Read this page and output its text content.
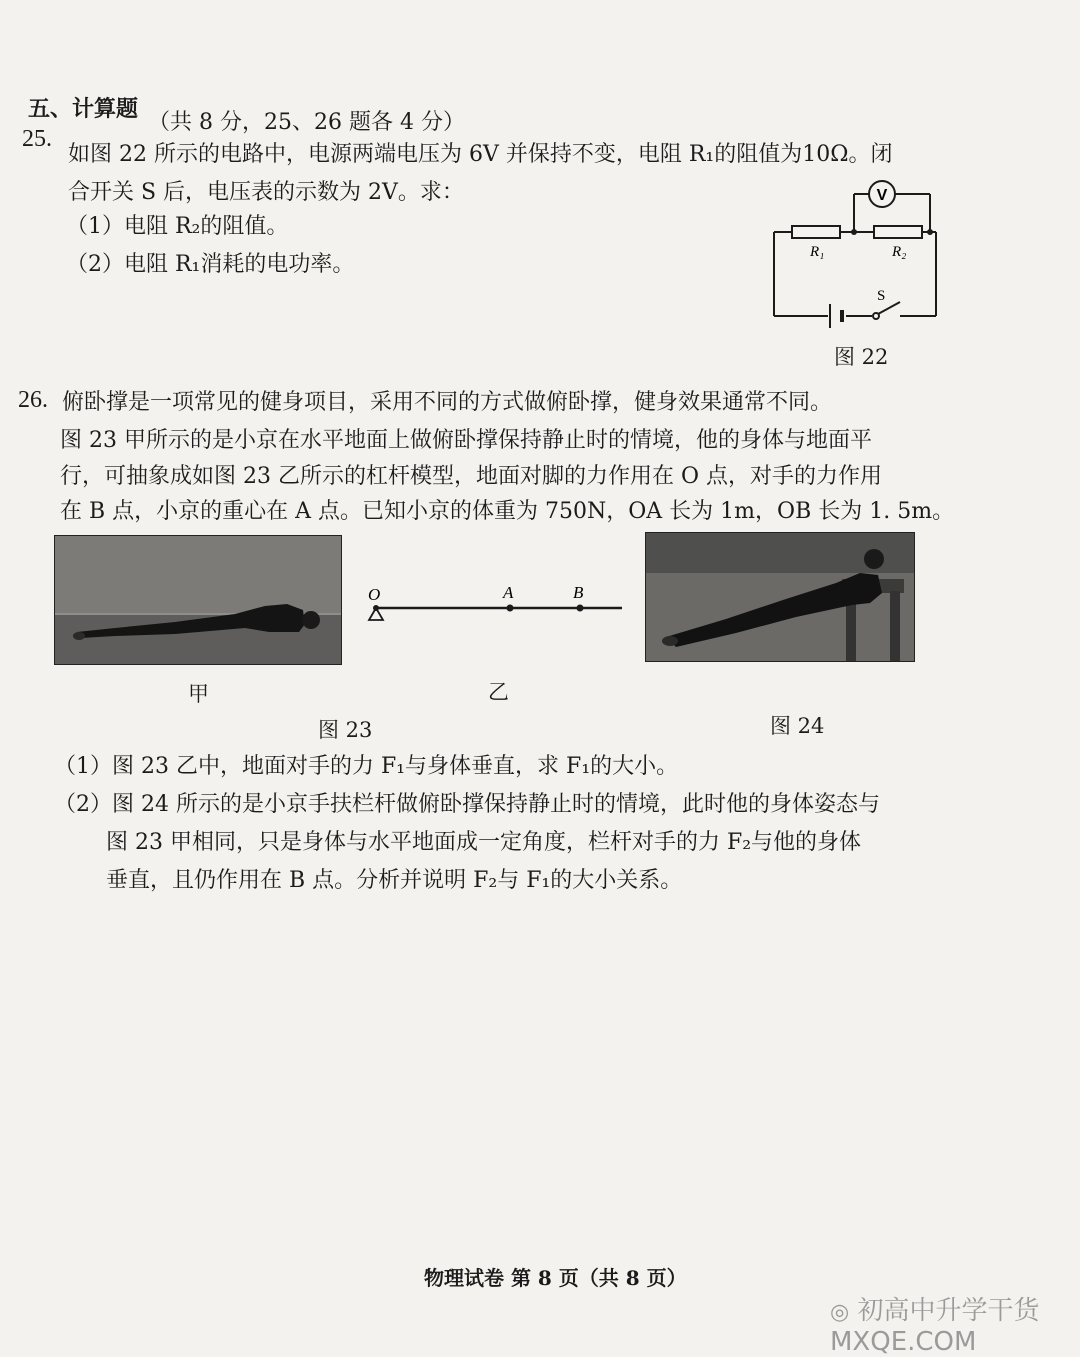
五、计算题
（共 8 分，25、26 题各 4 分）
25.
如图 22 所示的电路中，电源两端电压为 6V 并保持不变，电阻 R₁的阻值为10Ω。闭
合开关 S 后，电压表的示数为 2V。求：
（1）电阻 R₂的阻值。
（2）电阻 R₁消耗的电功率。
V
R₁	R₂
S
图 22
26. 俯卧撑是一项常见的健身项目，采用不同的方式做俯卧撑，健身效果通常不同。
图 23 甲所示的是小京在水平地面上做俯卧撑保持静止时的情境，他的身体与地面平
行，可抽象成如图 23 乙所示的杠杆模型，地面对脚的力作用在 O 点，对手的力作用
在 B 点，小京的重心在 A 点。已知小京的体重为 750N，OA 长为 1m，OB 长为 1. 5m。
甲
O	A	B
乙
图 23	图 24
（1）图 23 乙中，地面对手的力 F₁与身体垂直，求 F₁的大小。
（2）图 24 所示的是小京手扶栏杆做俯卧撑保持静止时的情境，此时他的身体姿态与
图 23 甲相同，只是身体与水平地面成一定角度，栏杆对手的力 F₂与他的身体
垂直，且仍作用在 B 点。分析并说明 F₂与 F₁的大小关系。
物理试卷 第 8 页（共 8 页）
◎ 初高中升学干货 MXQE.COM
